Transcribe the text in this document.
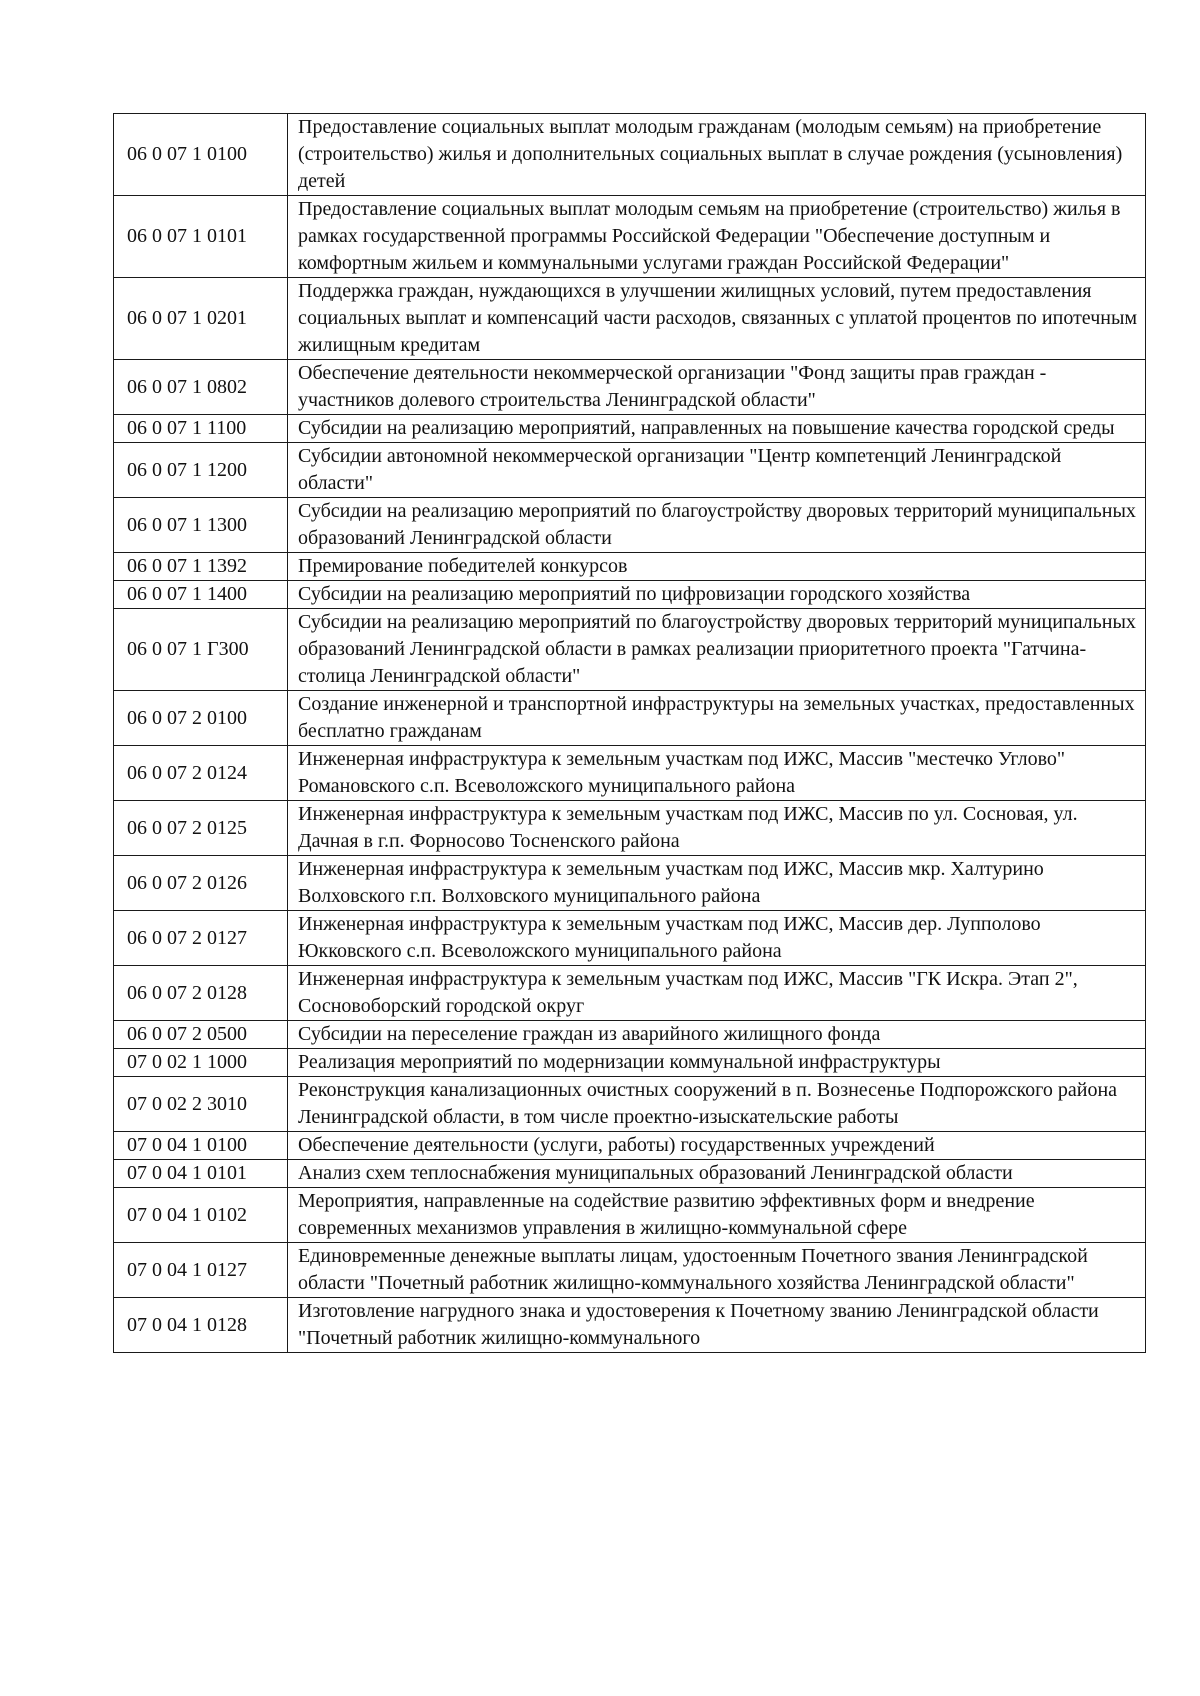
06 0 07 1 0100	Предоставление социальных выплат молодым гражданам (молодым семьям) на приобретение (строительство) жилья и дополнительных социальных выплат в случае рождения (усыновления) детей
06 0 07 1 0101	Предоставление социальных выплат молодым семьям на приобретение (строительство) жилья в рамках государственной программы Российской Федерации "Обеспечение доступным и комфортным жильем и коммунальными услугами граждан Российской Федерации"
06 0 07 1 0201	Поддержка граждан, нуждающихся в улучшении жилищных условий, путем предоставления социальных выплат и компенсаций части расходов, связанных с уплатой процентов по ипотечным жилищным кредитам
06 0 07 1 0802	Обеспечение деятельности некоммерческой организации "Фонд защиты прав граждан - участников долевого строительства Ленинградской области"
06 0 07 1 1100	Субсидии на реализацию мероприятий, направленных на повышение качества городской среды
06 0 07 1 1200	Субсидии автономной некоммерческой организации "Центр компетенций Ленинградской области"
06 0 07 1 1300	Субсидии на реализацию мероприятий по благоустройству дворовых территорий муниципальных образований Ленинградской области
06 0 07 1 1392	Премирование победителей конкурсов
06 0 07 1 1400	Субсидии на реализацию мероприятий по цифровизации городского хозяйства
06 0 07 1 Г300	Субсидии на реализацию мероприятий по благоустройству дворовых территорий муниципальных образований Ленинградской области в рамках реализации приоритетного проекта "Гатчина-столица Ленинградской области"
06 0 07 2 0100	Создание инженерной и транспортной инфраструктуры на земельных участках, предоставленных бесплатно гражданам
06 0 07 2 0124	Инженерная инфраструктура к земельным участкам под ИЖС, Массив "местечко Углово" Романовского с.п. Всеволожского муниципального района
06 0 07 2 0125	Инженерная инфраструктура к земельным участкам под ИЖС, Массив по ул. Сосновая, ул. Дачная в г.п. Форносово Тосненского района
06 0 07 2 0126	Инженерная инфраструктура к земельным участкам под ИЖС, Массив мкр. Халтурино Волховского г.п. Волховского муниципального района
06 0 07 2 0127	Инженерная инфраструктура к земельным участкам под ИЖС, Массив дер. Лупполово Юкковского с.п. Всеволожского муниципального района
06 0 07 2 0128	Инженерная инфраструктура к земельным участкам под ИЖС, Массив "ГК Искра. Этап 2", Сосновоборский городской округ
06 0 07 2 0500	Субсидии на переселение граждан из аварийного жилищного фонда
07 0 02 1 1000	Реализация мероприятий по модернизации коммунальной инфраструктуры
07 0 02 2 3010	Реконструкция канализационных очистных сооружений в п. Вознесенье Подпорожского района Ленинградской области, в том числе проектно-изыскательские работы
07 0 04 1 0100	Обеспечение деятельности (услуги, работы) государственных учреждений
07 0 04 1 0101	Анализ схем теплоснабжения муниципальных образований Ленинградской области
07 0 04 1 0102	Мероприятия, направленные на содействие развитию эффективных форм и внедрение современных механизмов управления в жилищно-коммунальной сфере
07 0 04 1 0127	Единовременные денежные выплаты лицам, удостоенным Почетного звания Ленинградской области "Почетный работник жилищно-коммунального хозяйства Ленинградской области"
07 0 04 1 0128	Изготовление нагрудного знака и удостоверения к Почетному званию Ленинградской области "Почетный работник жилищно-коммунального
